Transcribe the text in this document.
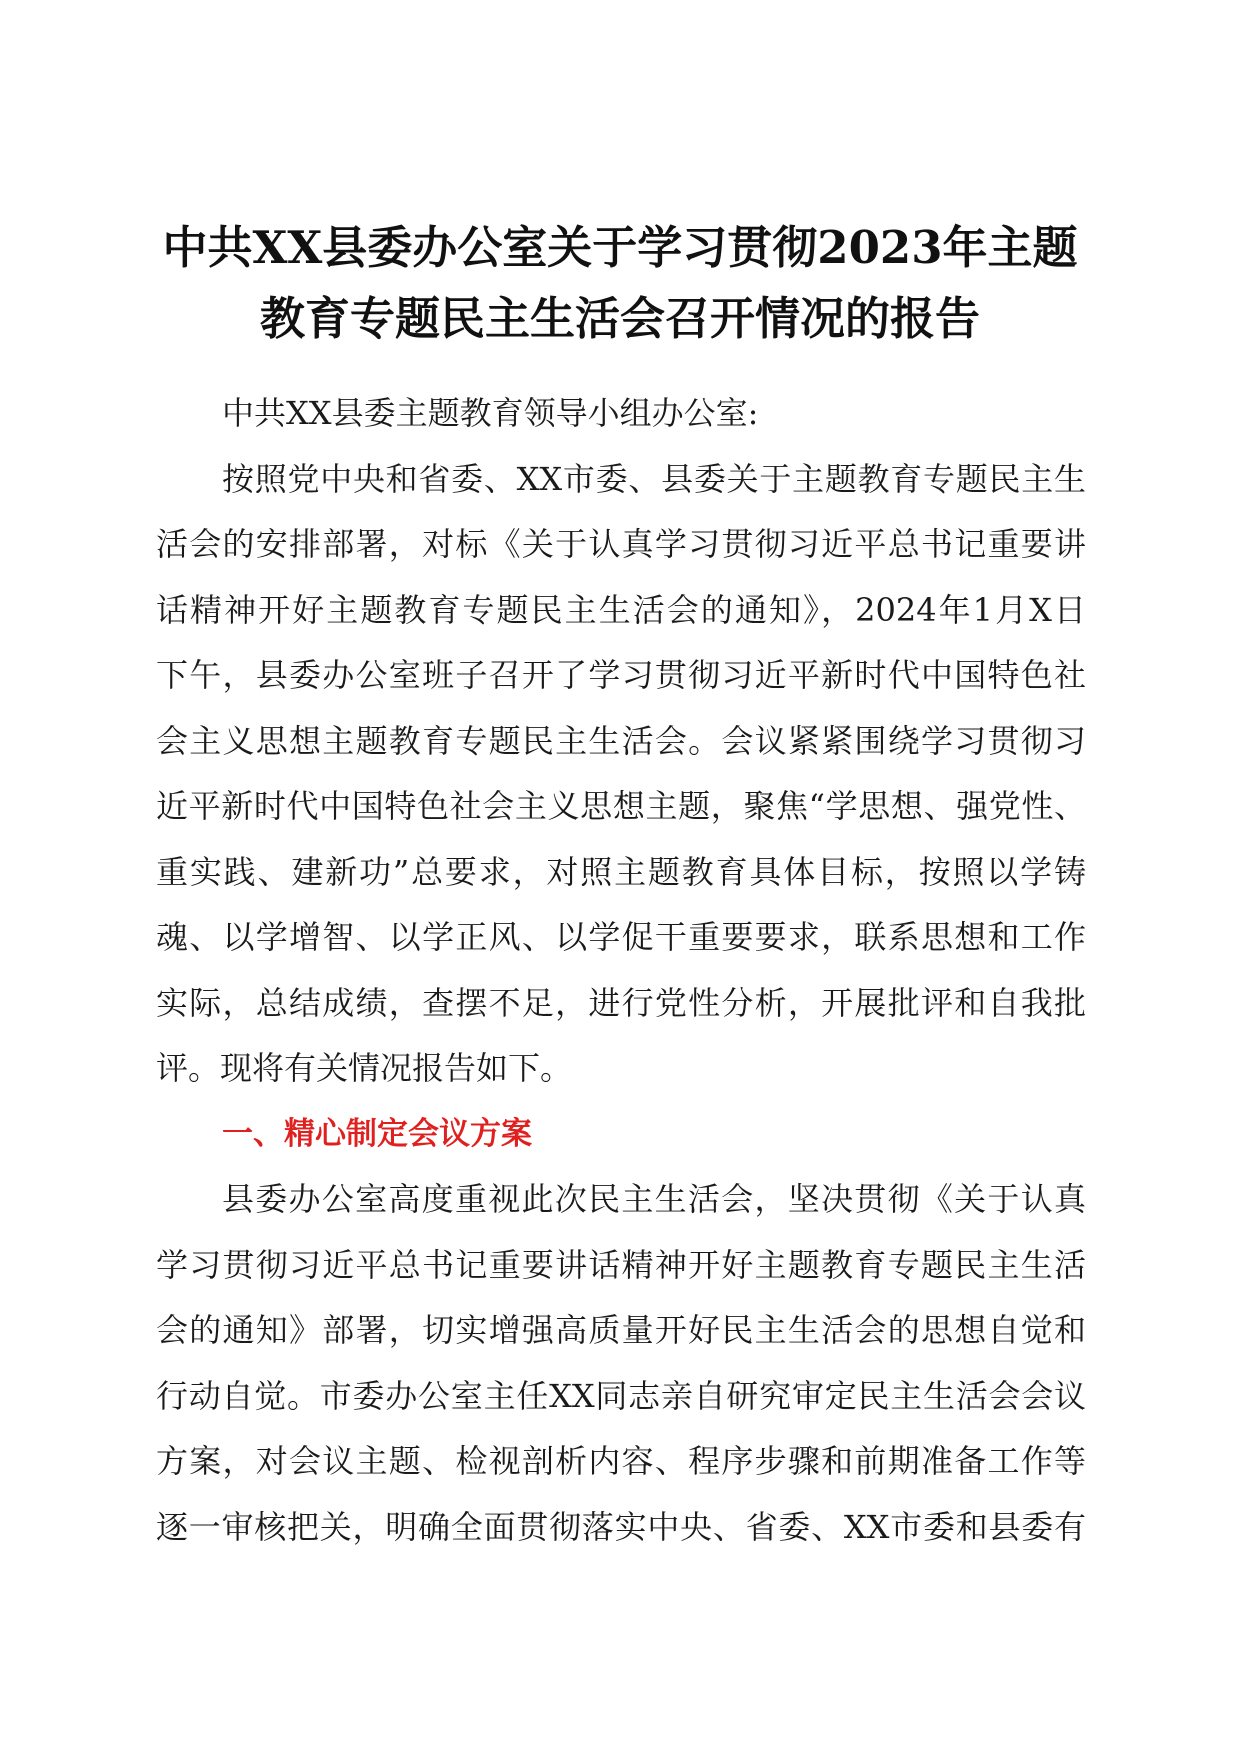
中共XX县委办公室关于学习贯彻2023年主题
教育专题民主生活会召开情况的报告
中共XX县委主题教育领导小组办公室:
按照党中央和省委、XX市委、县委关于主题教育专题民主生
活会的安排部署，对标《关于认真学习贯彻习近平总书记重要讲
话精神开好主题教育专题民主生活会的通知》，2024年1月X日
下午，县委办公室班子召开了学习贯彻习近平新时代中国特色社
会主义思想主题教育专题民主生活会。会议紧紧围绕学习贯彻习
近平新时代中国特色社会主义思想主题，聚焦“学思想、强党性、
重实践、建新功”总要求，对照主题教育具体目标，按照以学铸
魂、以学增智、以学正风、以学促干重要要求，联系思想和工作
实际，总结成绩，查摆不足，进行党性分析，开展批评和自我批
评。现将有关情况报告如下。
一、精心制定会议方案
县委办公室高度重视此次民主生活会，坚决贯彻《关于认真
学习贯彻习近平总书记重要讲话精神开好主题教育专题民主生活
会的通知》部署，切实增强高质量开好民主生活会的思想自觉和
行动自觉。市委办公室主任XX同志亲自研究审定民主生活会会议
方案，对会议主题、检视剖析内容、程序步骤和前期准备工作等
逐一审核把关，明确全面贯彻落实中央、省委、XX市委和县委有
